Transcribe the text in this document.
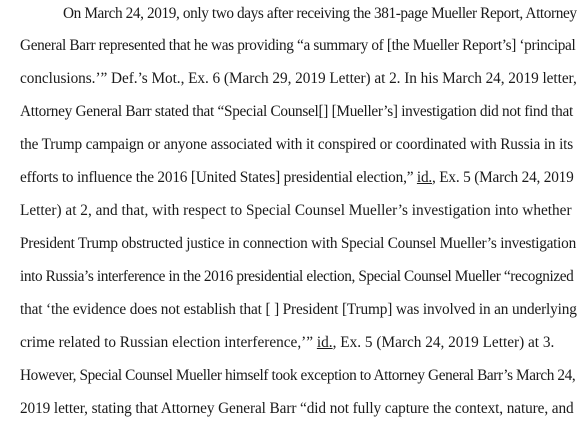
On March 24, 2019, only two days after receiving the 381-page Mueller Report, Attorney
General Barr represented that he was providing “a summary of [the Mueller Report’s] ‘principal
conclusions.’” Def.’s Mot., Ex. 6 (March 29, 2019 Letter) at 2. In his March 24, 2019 letter,
Attorney General Barr stated that “Special Counsel[] [Mueller’s] investigation did not find that
the Trump campaign or anyone associated with it conspired or coordinated with Russia in its
efforts to influence the 2016 [United States] presidential election,” id., Ex. 5 (March 24, 2019
Letter) at 2, and that, with respect to Special Counsel Mueller’s investigation into whether
President Trump obstructed justice in connection with Special Counsel Mueller’s investigation
into Russia’s interference in the 2016 presidential election, Special Counsel Mueller “recognized
that ‘the evidence does not establish that [ ] President [Trump] was involved in an underlying
crime related to Russian election interference,’” id., Ex. 5 (March 24, 2019 Letter) at 3.
However, Special Counsel Mueller himself took exception to Attorney General Barr’s March 24,
2019 letter, stating that Attorney General Barr “did not fully capture the context, nature, and
